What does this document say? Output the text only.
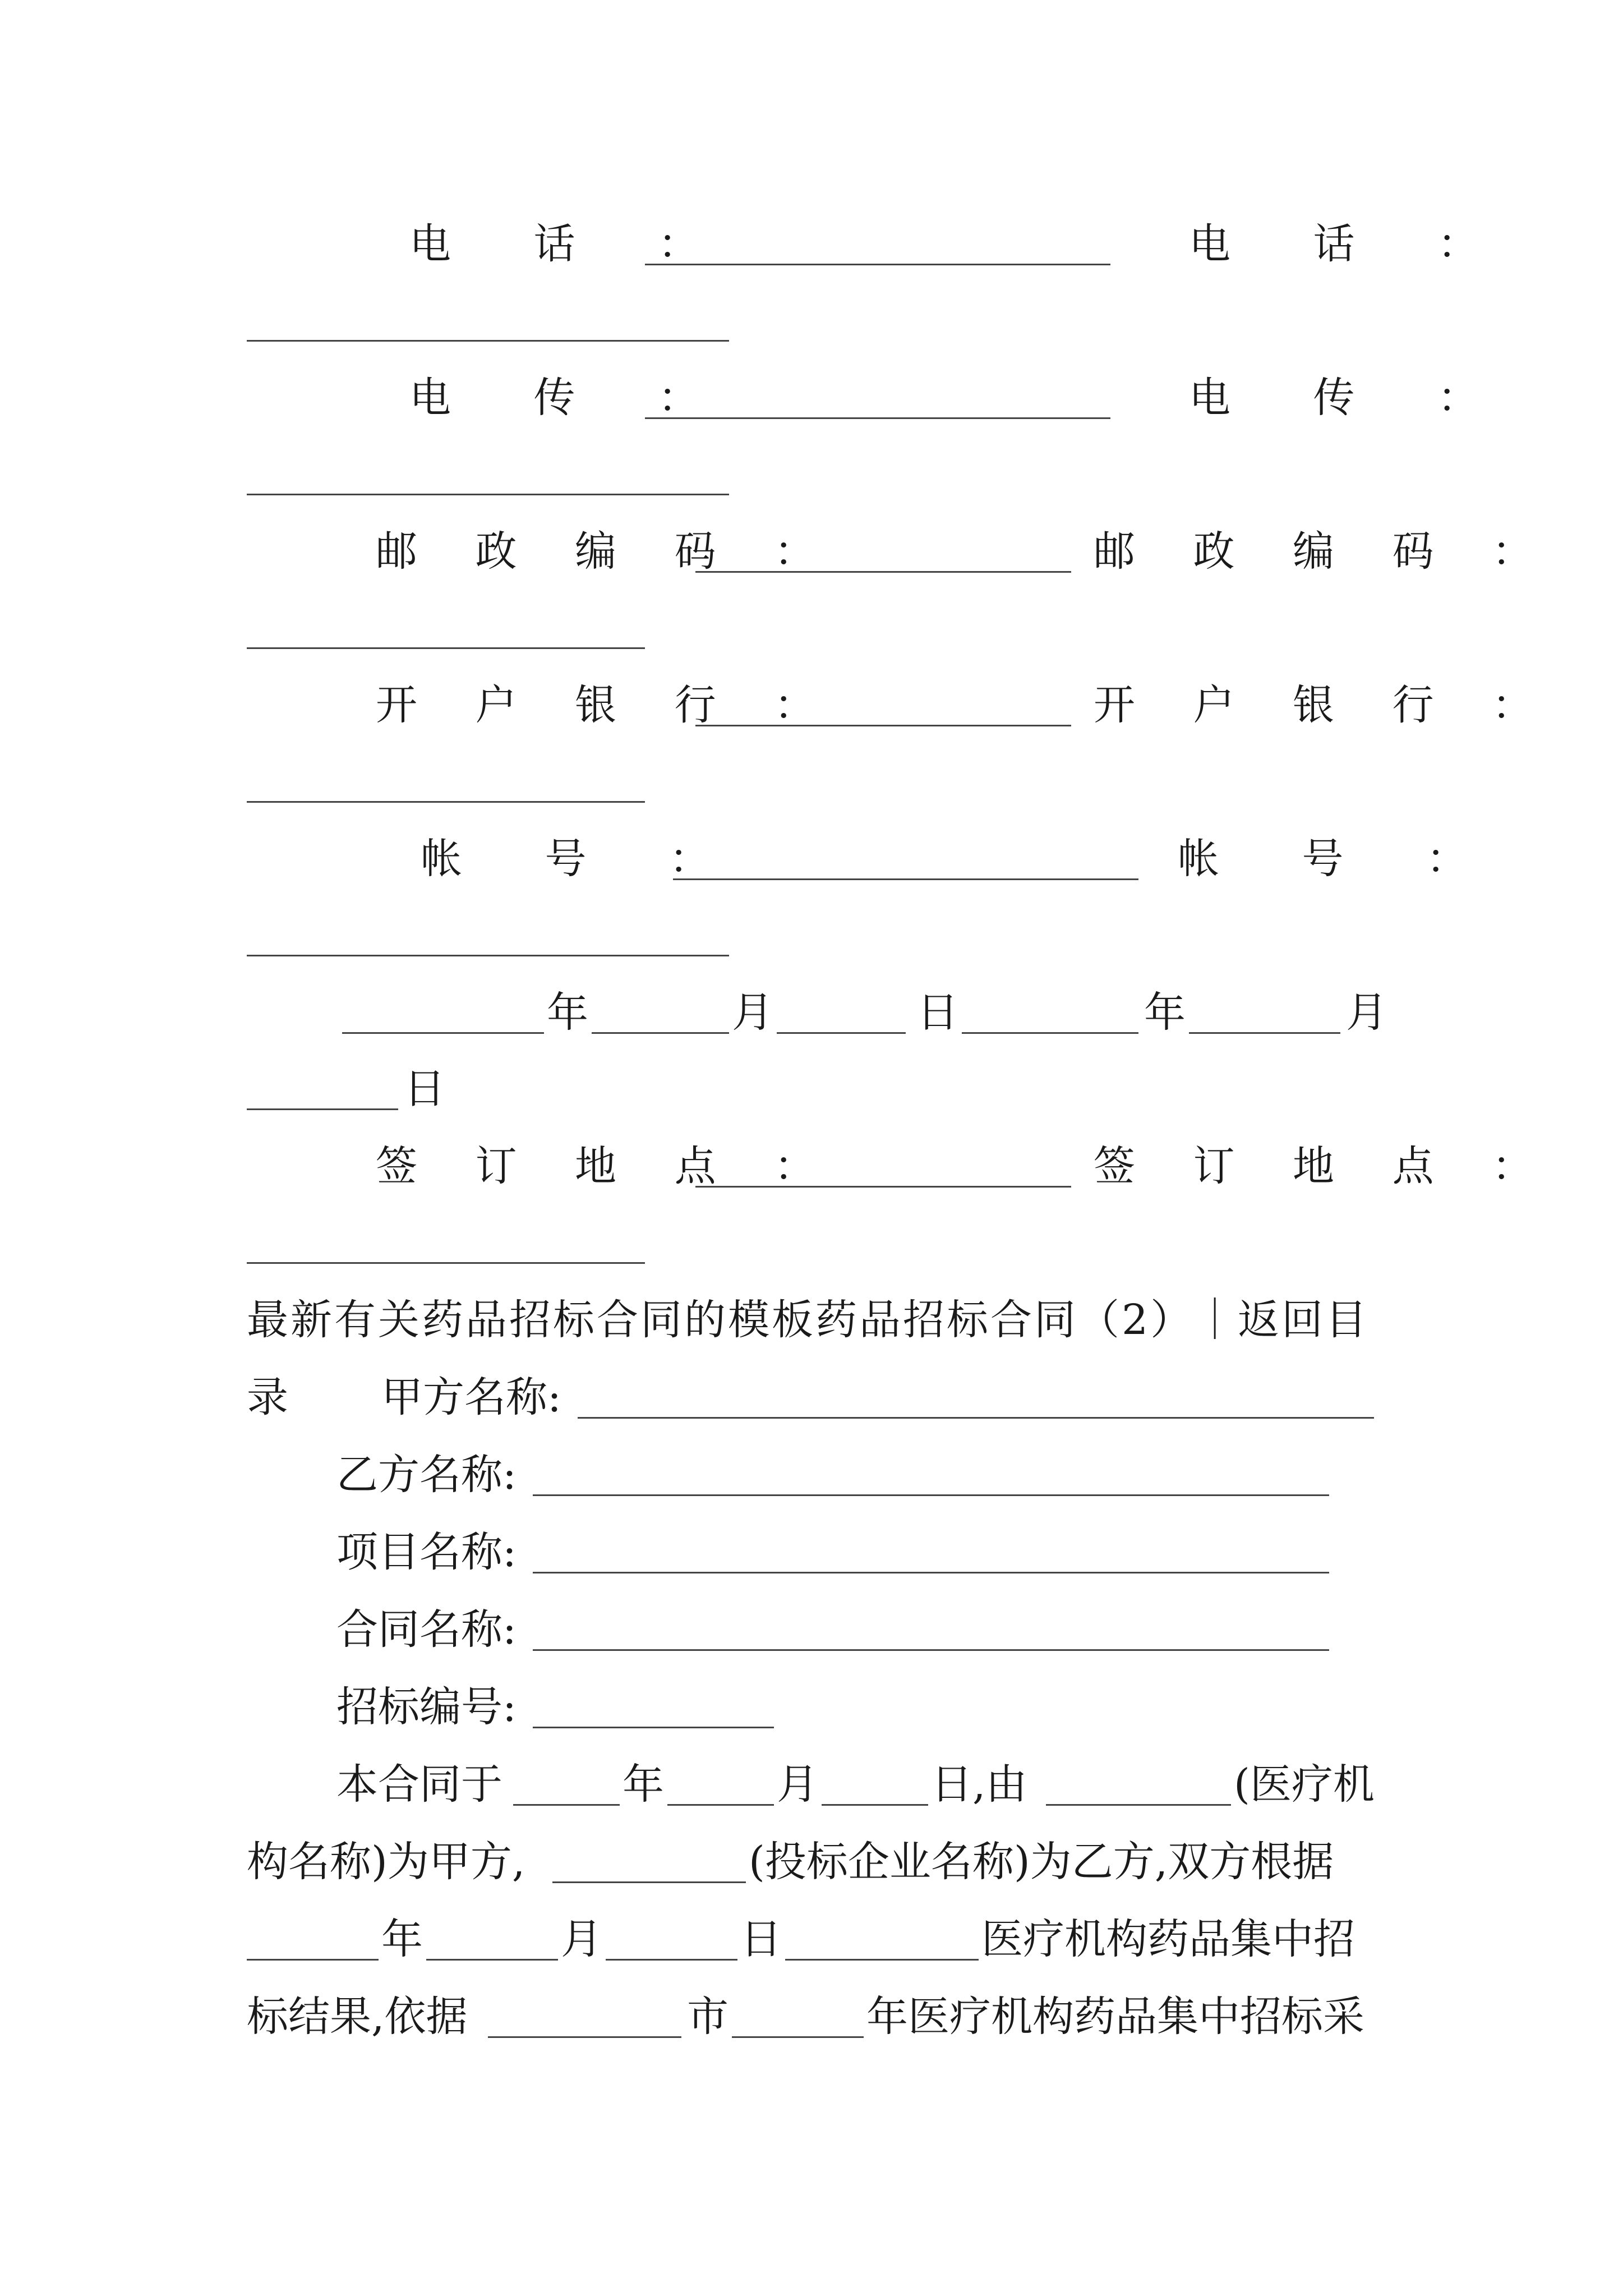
电 话 ：	电 话 ：
电 传 ：	电 传 ：
邮 政 编 码 ：	邮 政 编 码 ：
开 户 银 行 ：	开 户 银 行 ：
帐 号 ：	帐 号 ：
年	月	日	年	月
日
签 订 地 点 ：	签 订 地 点 ：
最新有关药品招标合同的模板药品招标合同（2）｜返回目
录 甲方名称:
乙方名称:
项目名称:
合同名称:
招标编号:
本合同于	年	月	日,由	(医疗机
构名称)为甲方,	(投标企业名称)为乙方,双方根据
年	月	日	医疗机构药品集中招
标结果,依据	市	年医疗机构药品集中招标采
